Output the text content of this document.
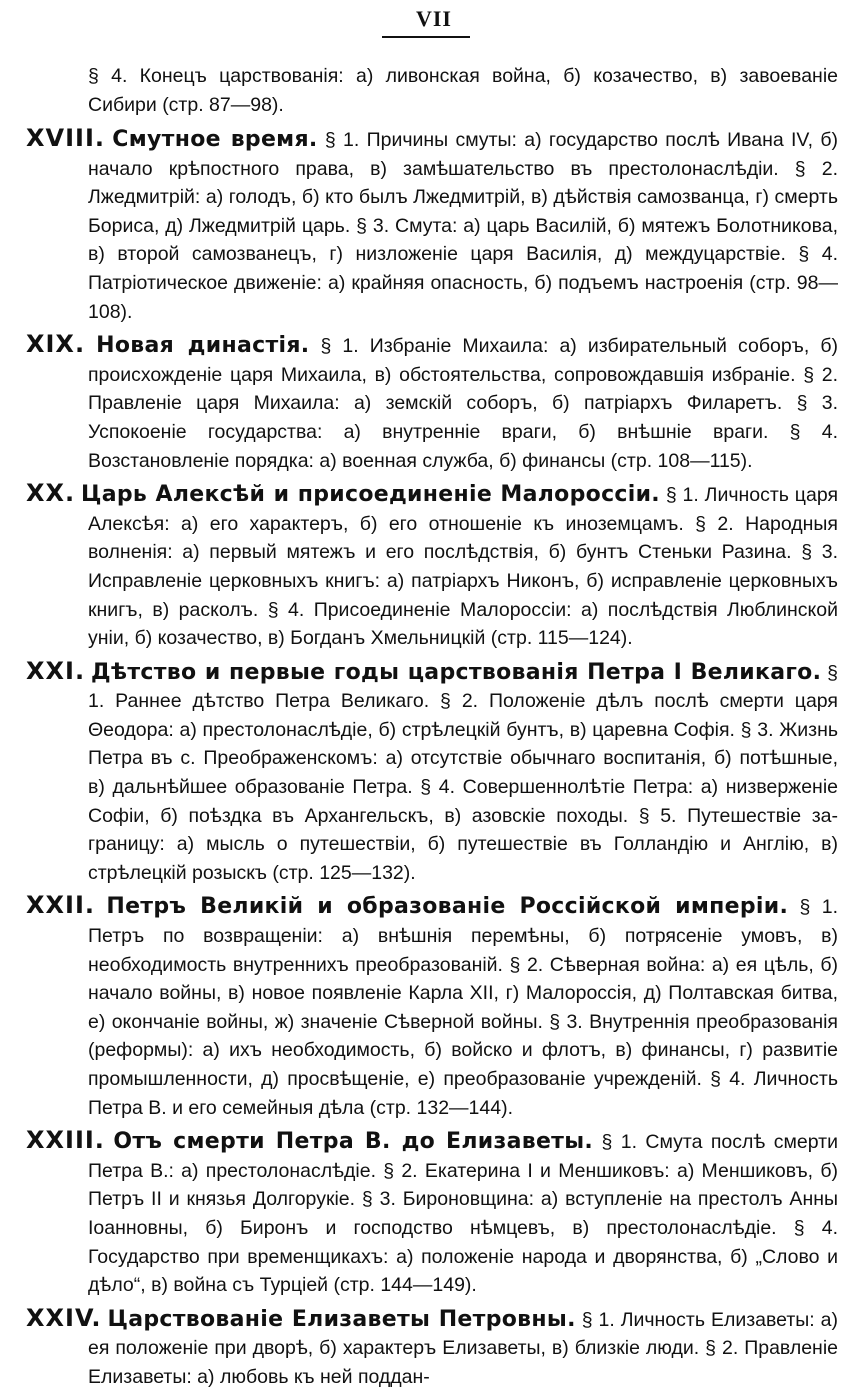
VII
§ 4. Конецъ царствованія: а) ливонская война, б) козачество, в) завоеваніе Сибири (стр. 87—98).
XVIII. Смутное время. § 1. Причины смуты: а) государство послѣ Ивана IV, б) начало крѣпостного права, в) замѣшательство въ престолонаслѣдіи. § 2. Лжедмитрій: а) голодъ, б) кто былъ Лжедмитрій, в) дѣйствія самозванца, г) смерть Бориса, д) Лжедмитрій царь. § 3. Смута: а) царь Василій, б) мятежъ Болотникова, в) второй самозванецъ, г) низложеніе царя Василія, д) междуцарствіе. § 4. Патріотическое движеніе: а) крайняя опасность, б) подъемъ настроенія (стр. 98—108).
XIX. Новая династія. § 1. Избраніе Михаила: а) избирательный соборъ, б) происхожденіе царя Михаила, в) обстоятельства, сопровождавшія избраніе. § 2. Правленіе царя Михаила: а) земскій соборъ, б) патріархъ Филаретъ. § 3. Успокоеніе государства: а) внутренніе враги, б) внѣшніе враги. § 4. Возстановленіе порядка: а) военная служба, б) финансы (стр. 108—115).
XX. Царь Алексѣй и присоединеніе Малороссіи. § 1. Личность царя Алексѣя: а) его характеръ, б) его отношеніе къ иноземцамъ. § 2. Народныя волненія: а) первый мятежъ и его послѣдствія, б) бунтъ Стеньки Разина. § 3. Исправленіе церковныхъ книгъ: а) патріархъ Никонъ, б) исправленіе церковныхъ книгъ, в) расколъ. § 4. Присоединеніе Малороссіи: а) послѣдствія Люблинской уніи, б) козачество, в) Богданъ Хмельницкій (стр. 115—124).
XXI. Дѣтство и первые годы царствованія Петра I Великаго. § 1. Раннее дѣтство Петра Великаго. § 2. Положеніе дѣлъ послѣ смерти царя Θеодора: а) престолонаслѣдіе, б) стрѣлецкій бунтъ, в) царевна Софія. § 3. Жизнь Петра въ с. Преображенскомъ: а) отсутствіе обычнаго воспитанія, б) потѣшные, в) дальнѣйшее образованіе Петра. § 4. Совершеннолѣтіе Петра: а) низверженіе Софіи, б) поѣздка въ Архангельскъ, в) азовскіе походы. § 5. Путешествіе за-границу: а) мысль о путешествіи, б) путешествіе въ Голландію и Англію, в) стрѣлецкій розыскъ (стр. 125—132).
XXII. Петръ Великій и образованіе Россійской имперіи. § 1. Петръ по возвращеніи: а) внѣшнія перемѣны, б) потрясеніе умовъ, в) необходимость внутреннихъ преобразованій. § 2. Сѣверная война: а) ея цѣль, б) начало войны, в) новое появленіе Карла XII, г) Малороссія, д) Полтавская битва, е) окончаніе войны, ж) значеніе Сѣверной войны. § 3. Внутреннія преобразованія (реформы): а) ихъ необходимость, б) войско и флотъ, в) финансы, г) развитіе промышленности, д) просвѣщеніе, е) преобразованіе учрежденій. § 4. Личность Петра В. и его семейныя дѣла (стр. 132—144).
XXIII. Отъ смерти Петра В. до Елизаветы. § 1. Смута послѣ смерти Петра В.: а) престолонаслѣдіе. § 2. Екатерина I и Меншиковъ: а) Меншиковъ, б) Петръ II и князья Долгорукіе. § 3. Бироновщина: а) вступленіе на престолъ Анны Іоанновны, б) Биронъ и господство нѣмцевъ, в) престолонаслѣдіе. § 4. Государство при временщикахъ: а) положеніе народа и дворянства, б) „Слово и дѣло“, в) война съ Турціей (стр. 144—149).
XXIV. Царствованіе Елизаветы Петровны. § 1. Личность Елизаветы: а) ея положеніе при дворѣ, б) характеръ Елизаветы, в) близкіе люди. § 2. Правленіе Елизаветы: а) любовь къ ней поддан-
